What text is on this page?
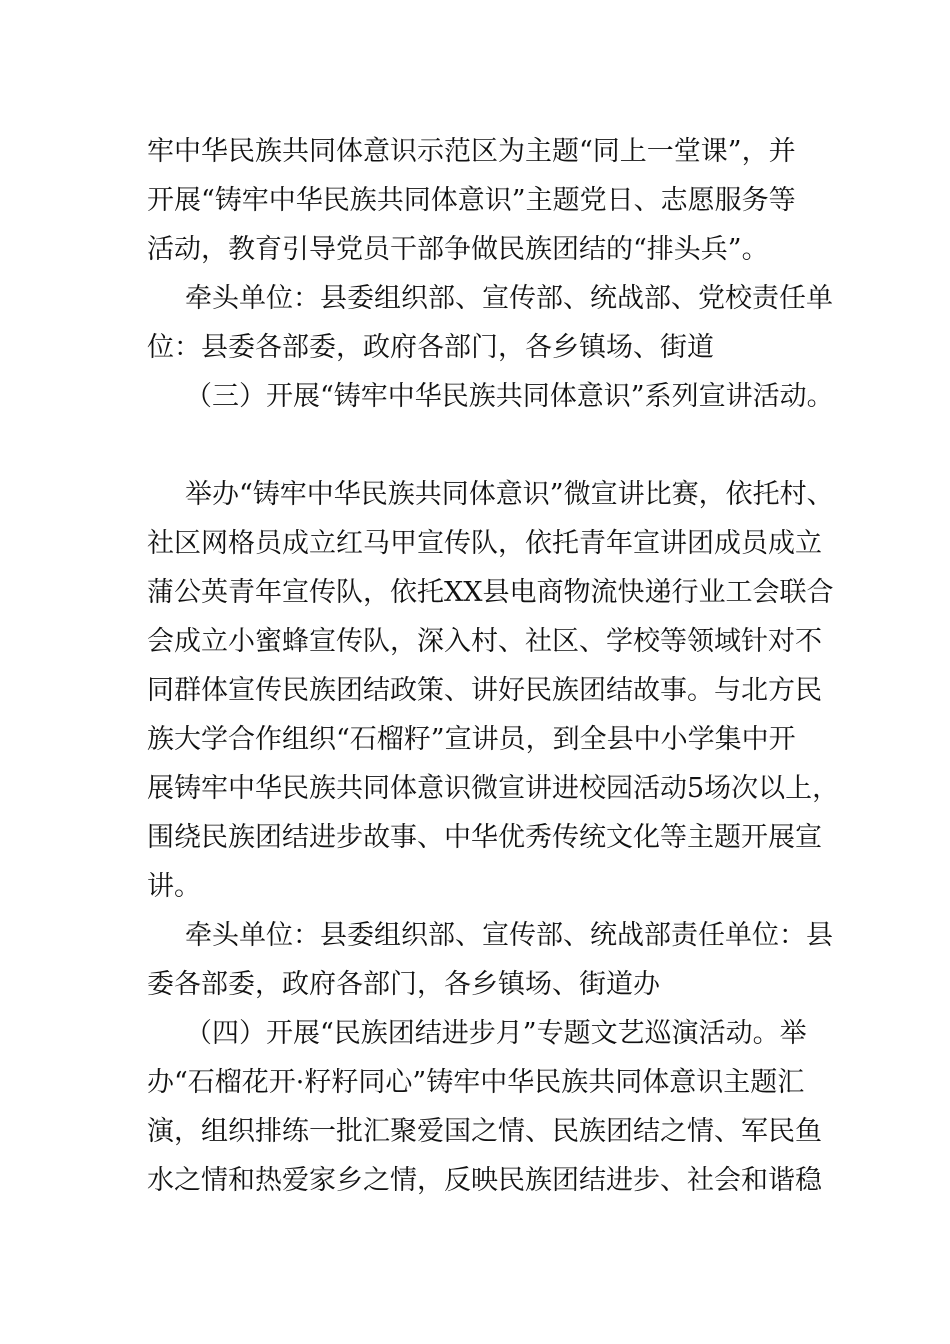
牢中华民族共同体意识示范区为主题“同上一堂课”，并
开展“铸牢中华民族共同体意识”主题党日、志愿服务等
活动，教育引导党员干部争做民族团结的“排头兵”。
牵头单位：县委组织部、宣传部、统战部、党校责任单
位：县委各部委，政府各部门，各乡镇场、街道
（三）开展“铸牢中华民族共同体意识”系列宣讲活动。
举办“铸牢中华民族共同体意识”微宣讲比赛，依托村、
社区网格员成立红马甲宣传队，依托青年宣讲团成员成立
蒲公英青年宣传队，依托XX县电商物流快递行业工会联合
会成立小蜜蜂宣传队，深入村、社区、学校等领域针对不
同群体宣传民族团结政策、讲好民族团结故事。与北方民
族大学合作组织“石榴籽”宣讲员，到全县中小学集中开
展铸牢中华民族共同体意识微宣讲进校园活动5场次以上，
围绕民族团结进步故事、中华优秀传统文化等主题开展宣
讲。
牵头单位：县委组织部、宣传部、统战部责任单位：县
委各部委，政府各部门，各乡镇场、街道办
（四）开展“民族团结进步月”专题文艺巡演活动。举
办“石榴花开·籽籽同心”铸牢中华民族共同体意识主题汇
演，组织排练一批汇聚爱国之情、民族团结之情、军民鱼
水之情和热爱家乡之情，反映民族团结进步、社会和谐稳
